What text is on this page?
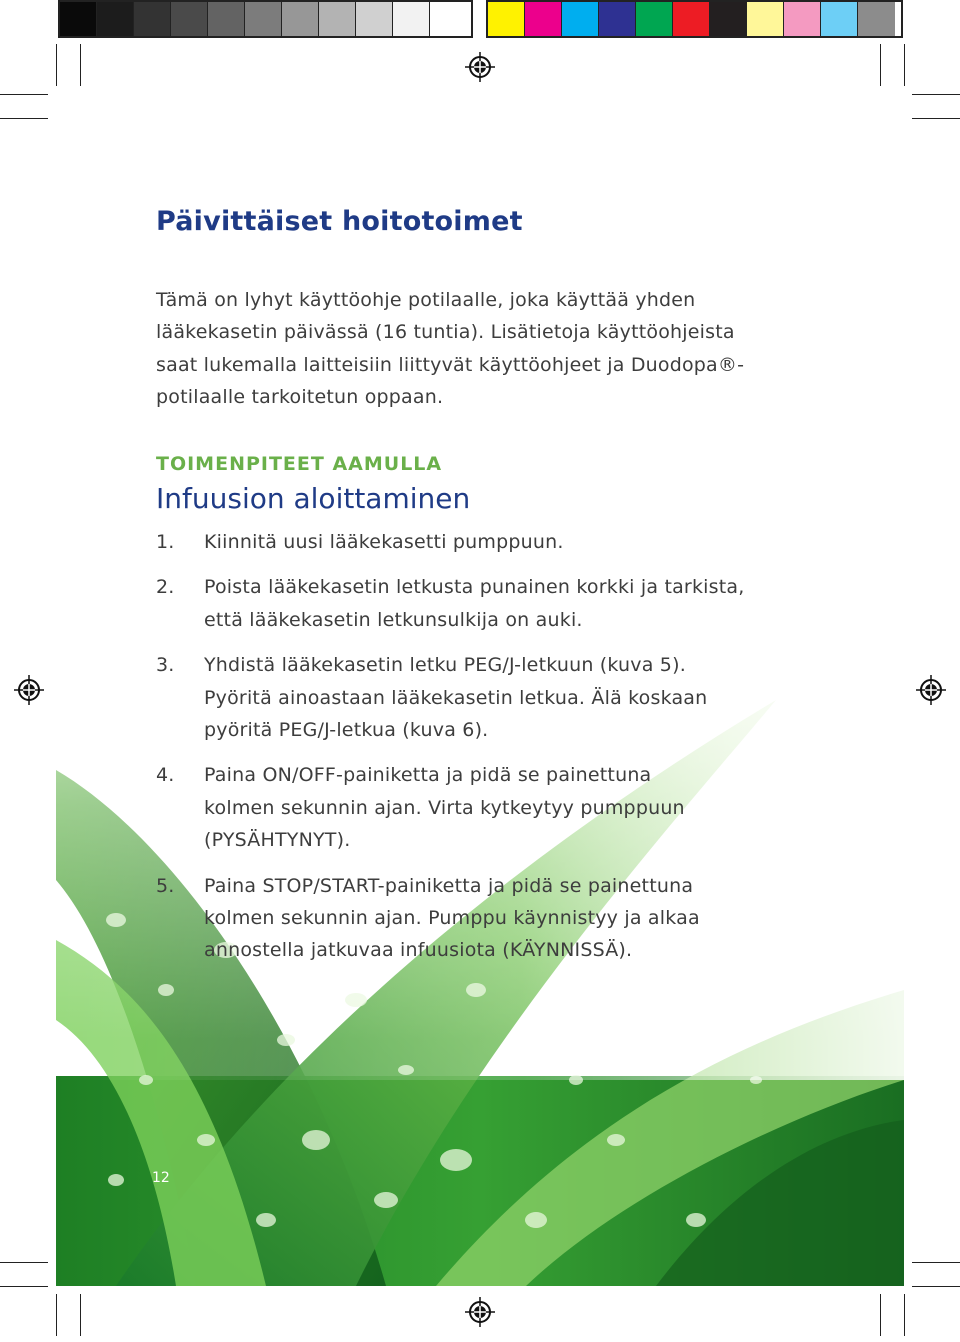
Päivittäiset hoitotoimet
Tämä on lyhyt käyttöohje potilaalle, joka käyttää yhden
lääkekasetin päivässä (16 tuntia). Lisätietoja käyttöohjeista
saat lukemalla laitteisiin liittyvät käyttöohjeet ja Duodopa®-
potilaalle tarkoitetun oppaan.
TOIMENPITEET AAMULLA
Infuusion aloittaminen
1.	Kiinnitä uusi lääkekasetti pumppuun.
2.	Poista lääkekasetin letkusta punainen korkki ja tarkista,
että lääkekasetin letkunsulkija on auki.
3.	Yhdistä lääkekasetin letku PEG/J-letkuun (kuva 5).
Pyöritä ainoastaan lääkekasetin letkua. Älä koskaan
pyöritä PEG/J-letkua (kuva 6).
4.	Paina ON/OFF-painiketta ja pidä se painettuna
kolmen sekunnin ajan. Virta kytkeytyy pumppuun
(PYSÄHTYNYT).
5.	Paina STOP/START-painiketta ja pidä se painettuna
kolmen sekunnin ajan. Pumppu käynnistyy ja alkaa
annostella jatkuvaa infuusiota (KÄYNNISSÄ).
12
